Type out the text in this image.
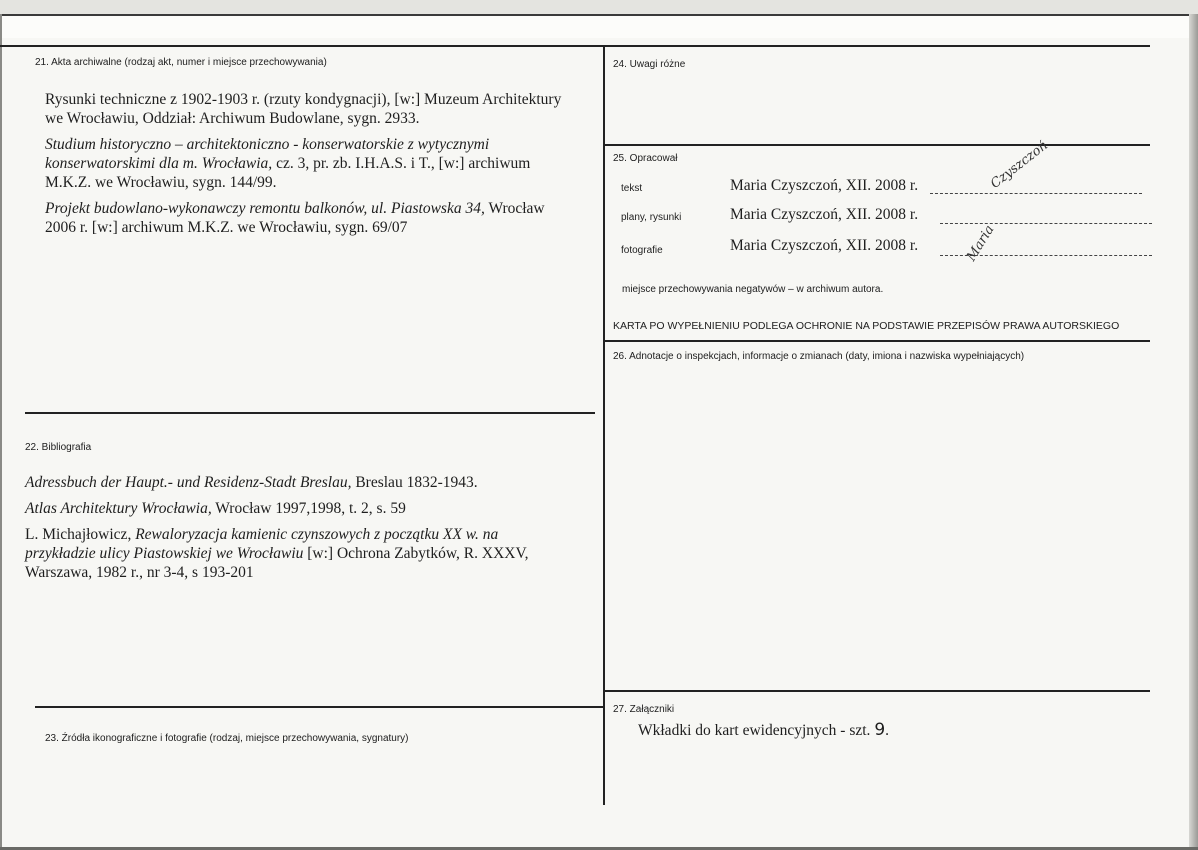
21. Akta archiwalne (rodzaj akt, numer i miejsce przechowywania)

Rysunki techniczne z 1902-1903 r. (rzuty kondygnacji), [w:] Muzeum Architektury we Wrocławiu, Oddział: Archiwum Budowlane, sygn. 2933.

Studium historyczno – architektoniczno - konserwatorskie z wytycznymi konserwatorskimi dla m. Wrocławia, cz. 3, pr. zb. I.H.A.S. i T., [w:] archiwum M.K.Z. we Wrocławiu, sygn. 144/99.

Projekt budowlano-wykonawczy remontu balkonów, ul. Piastowska 34, Wrocław 2006 r. [w:] archiwum M.K.Z. we Wrocławiu, sygn. 69/07

22. Bibliografia

Adressbuch der Haupt.- und Residenz-Stadt Breslau, Breslau 1832-1943.

Atlas Architektury Wrocławia, Wrocław 1997,1998, t. 2, s. 59

L. Michajłowicz, Rewaloryzacja kamienic czynszowych z początku XX w. na przykładzie ulicy Piastowskiej we Wrocławiu [w:] Ochrona Zabytków, R. XXXV, Warszawa, 1982 r., nr 3-4, s 193-201

23. Źródła ikonograficzne i fotografie (rodzaj, miejsce przechowywania, sygnatury)
24. Uwagi różne
25. Opracował
tekst	Maria Czyszczoń, XII. 2008 r.
plany, rysunki	Maria Czyszczoń, XII. 2008 r.
fotografie	Maria Czyszczoń, XII. 2008 r.
Czyszczoń
Maria
miejsce przechowywania negatywów – w archiwum autora.
KARTA PO WYPEŁNIENIU PODLEGA OCHRONIE NA PODSTAWIE PRZEPISÓW PRAWA AUTORSKIEGO
26. Adnotacje o inspekcjach, informacje o zmianach (daty, imiona i nazwiska wypełniających)
27. Załączniki
Wkładki do kart ewidencyjnych - szt. 9.
